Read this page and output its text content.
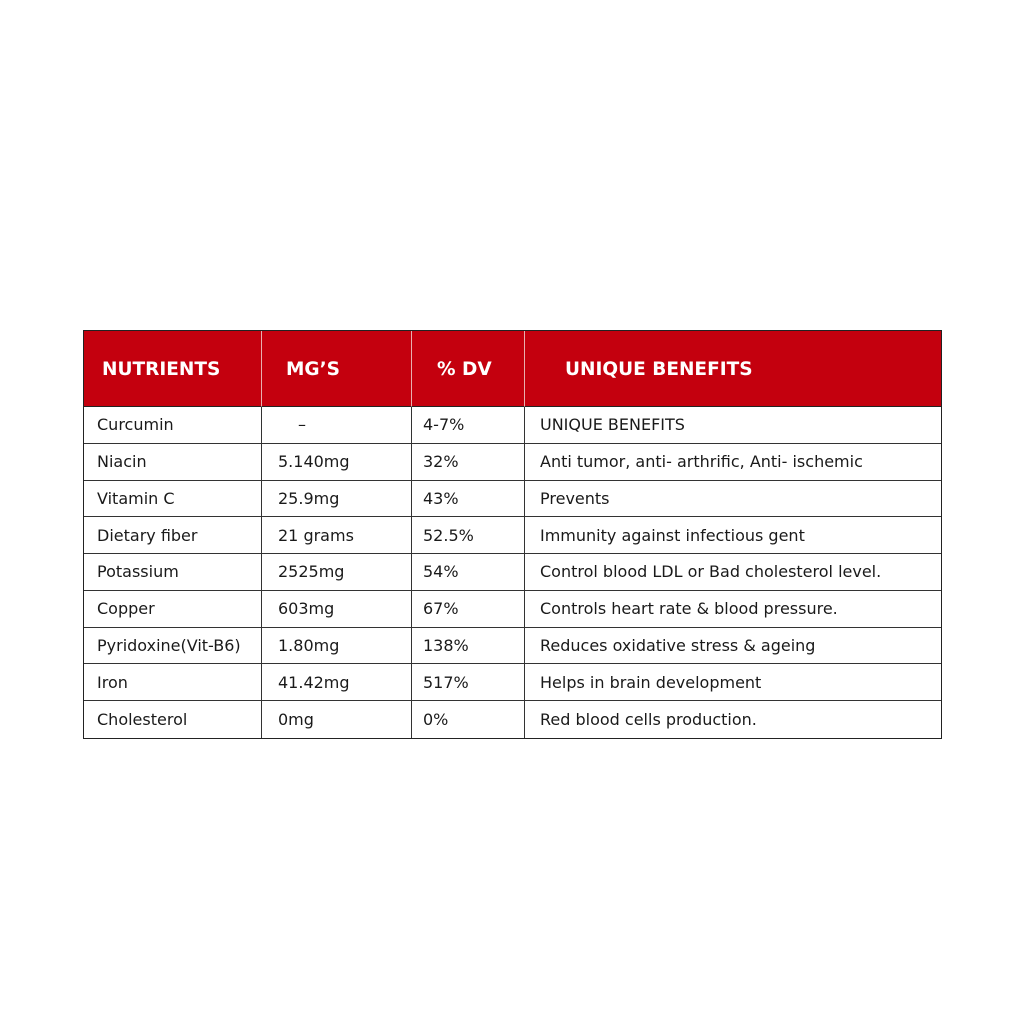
NUTRIENTS	MG’S	% DV	UNIQUE BENEFITS
Curcumin	–	4-7%	UNIQUE BENEFITS
Niacin	5.140mg	32%	Anti tumor, anti- arthrific, Anti- ischemic
Vitamin C	25.9mg	43%	Prevents
Dietary fiber	21 grams	52.5%	Immunity against infectious gent
Potassium	2525mg	54%	Control blood LDL or Bad cholesterol level.
Copper	603mg	67%	Controls heart rate & blood pressure.
Pyridoxine(Vit-B6)	1.80mg	138%	Reduces oxidative stress & ageing
Iron	41.42mg	517%	Helps in brain development
Cholesterol	0mg	0%	Red blood cells production.
